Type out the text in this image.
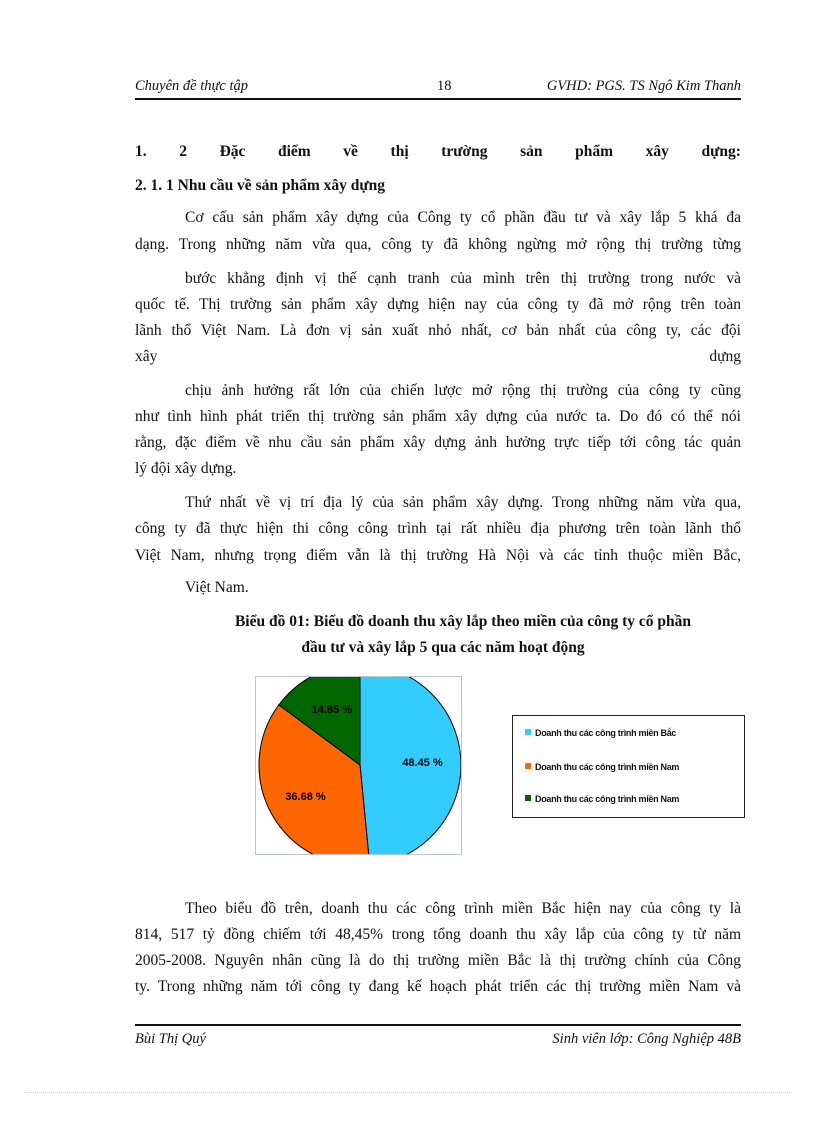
Chuyên đề thực tập	18	GVHD: PGS. TS Ngô Kim Thanh
1. 2 Đặc điểm về thị trường sản phẩm xây dựng:
2. 1. 1 Nhu cầu về sản phẩm xây dựng
Cơ cấu sản phẩm xây dựng của Công ty cổ phần đầu tư và xây lắp 5 khá đa
dạng. Trong những năm vừa qua, công ty đã không ngừng mở rộng thị trường từng
bước khẳng định vị thế cạnh tranh của mình trên thị trường trong nước và
quốc tế. Thị trường sản phẩm xây dựng hiện nay của công ty đã mở rộng trên toàn
lãnh thổ Việt Nam. Là đơn vị sản xuất nhỏ nhất, cơ bản nhất của công ty, các đội
xây	dựng
chịu ảnh hưởng rất lớn của chiến lược mở rộng thị trường của công ty cũng
như tình hình phát triển thị trường sản phẩm xây dựng của nước ta. Do đó có thể nói
rằng, đặc điểm về nhu cầu sản phẩm xây dựng ảnh hưởng trực tiếp tới công tác quản
lý đội xây dựng.
Thứ nhất về vị trí địa lý của sản phẩm xây dựng. Trong những năm vừa qua,
công ty đã thực hiện thi công công trình tại rất nhiều địa phương trên toàn lãnh thổ
Việt Nam, nhưng trọng điểm vẫn là thị trường Hà Nội và các tỉnh thuộc miền Bắc,
Việt Nam.
Biểu đồ 01: Biểu đồ doanh thu xây lắp theo miền của công ty cổ phần
đầu tư và xây lắp 5 qua các năm hoạt động
48.45 %
36.68 %
14.85 %
Doanh thu các công trình miền Bắc
Doanh thu các công trình miền Nam
Doanh thu các công trình miền Nam
Theo biểu đồ trên, doanh thu các công trình miền Bắc hiện nay của công ty là
814, 517 tỷ đồng chiếm tới 48,45% trong tổng doanh thu xây lắp của công ty từ năm
2005-2008. Nguyên nhân cũng là do thị trường miền Bắc là thị trường chính của Công
ty. Trong những năm tới công ty đang kế hoạch phát triển các thị trường miền Nam và
Bùi Thị Quý	Sinh viên lớp: Công Nghiệp 48B
